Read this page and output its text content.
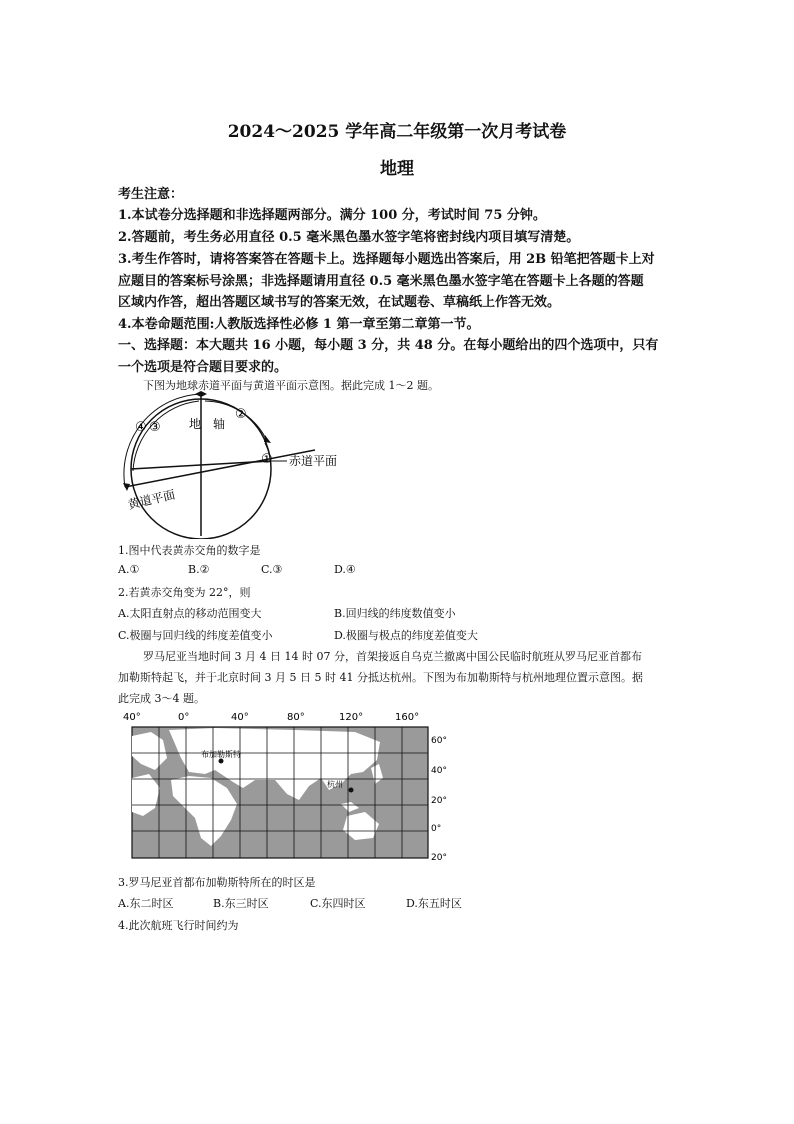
2024～2025 学年高二年级第一次月考试卷
地理
考生注意：
1.本试卷分选择题和非选择题两部分。满分 100 分，考试时间 75 分钟。
2.答题前，考生务必用直径 0.5 毫米黑色墨水签字笔将密封线内项目填写清楚。
3.考生作答时，请将答案答在答题卡上。选择题每小题选出答案后，用 2B 铅笔把答题卡上对
应题目的答案标号涂黑；非选择题请用直径 0.5 毫米黑色墨水签字笔在答题卡上各题的答题
区域内作答，超出答题区域书写的答案无效，在试题卷、草稿纸上作答无效。
4.本卷命题范围:人教版选择性必修 1 第一章至第二章第一节。
一、选择题：本大题共 16 小题，每小题 3 分，共 48 分。在每小题给出的四个选项中，只有
一个选项是符合题目要求的。
下图为地球赤道平面与黄道平面示意图。据此完成 1～2 题。
地　轴
赤道平面
黄道平面
②
①
③
④
1.图中代表黄赤交角的数字是
A.①	B.②	C.③	D.④
2.若黄赤交角变为 22°，则
A.太阳直射点的移动范围变大	B.回归线的纬度数值变小
C.极圈与回归线的纬度差值变小	D.极圈与极点的纬度差值变大
罗马尼亚当地时间 3 月 4 日 14 时 07 分，首架接返自乌克兰撤离中国公民临时航班从罗马尼亚首都布
加勒斯特起飞，并于北京时间 3 月 5 日 5 时 41 分抵达杭州。下图为布加勒斯特与杭州地理位置示意图。据
此完成 3～4 题。
40°	0°	40°	80°	120°	160°
布加勒斯特
杭州
60°
40°
20°
0°
20°
3.罗马尼亚首都布加勒斯特所在的时区是
A.东二时区	B.东三时区	C.东四时区	D.东五时区
4.此次航班飞行时间约为
